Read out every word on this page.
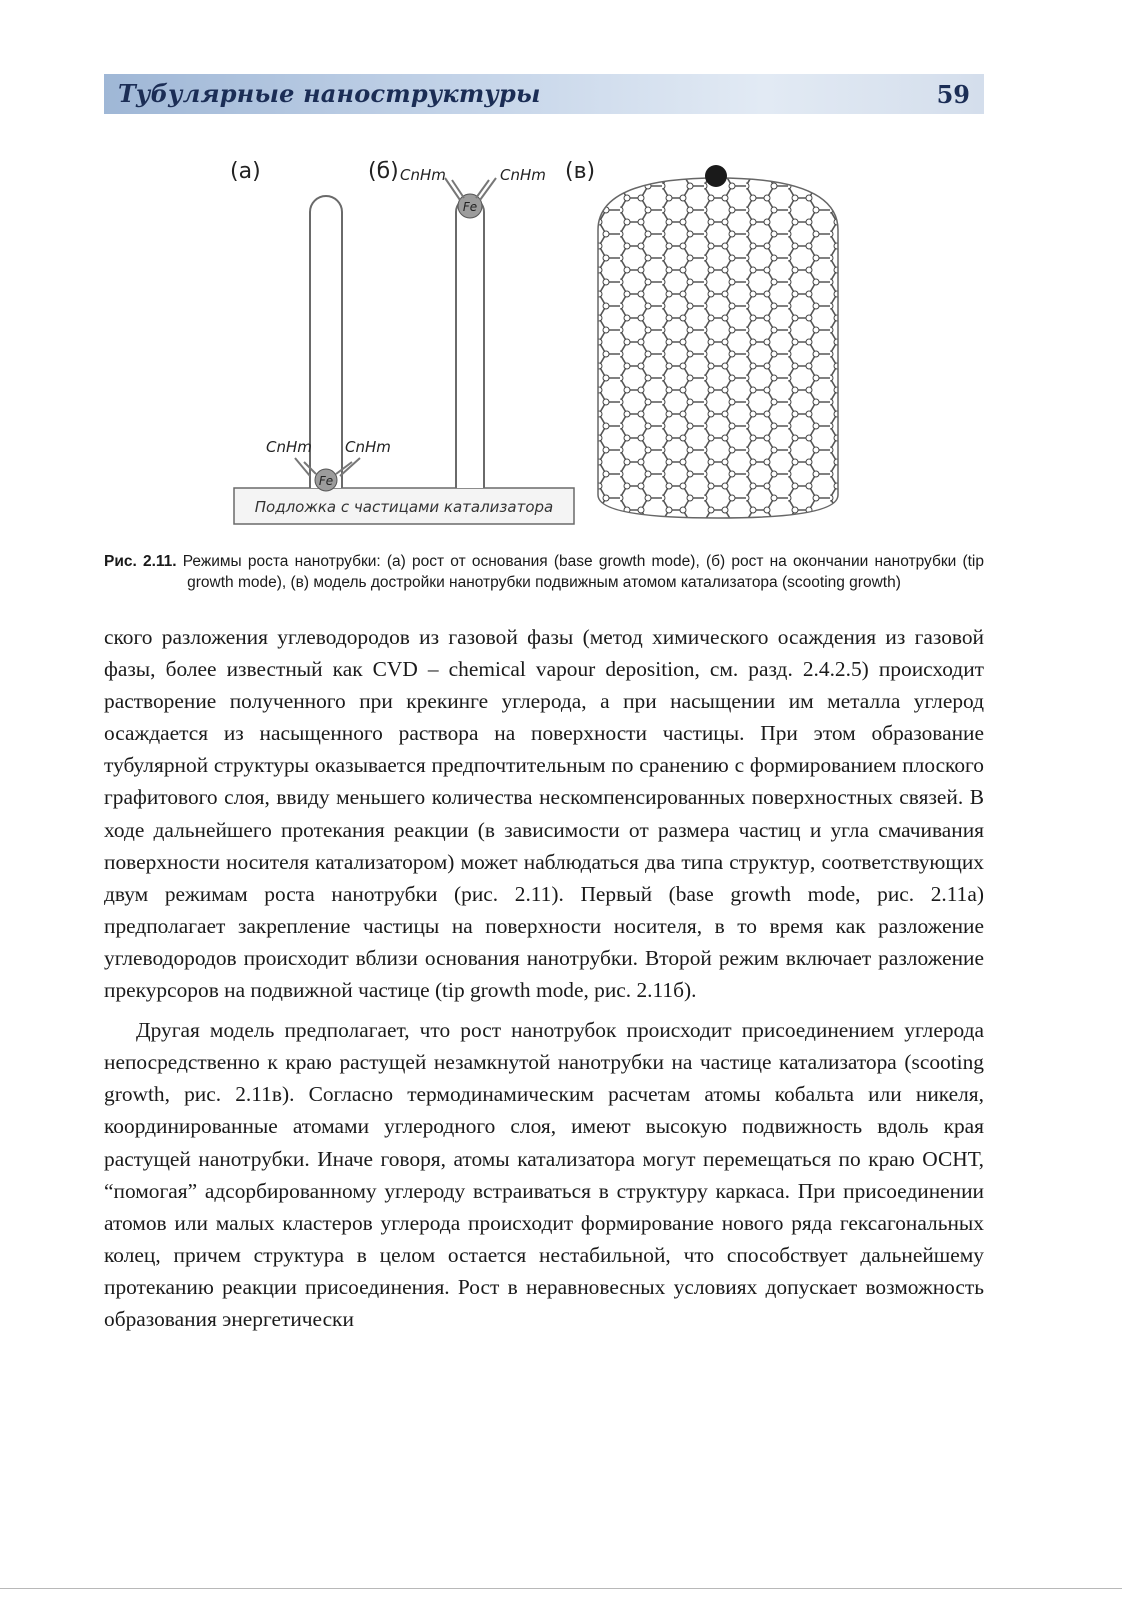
Тубулярные наноструктуры	59
(а)	(б)	(в)
Подложка с частицами катализатора
Fe
CnHm CnHm
Fe
CnHm	CnHm
Рис. 2.11. Режимы роста нанотрубки: (а) рост от основания (base growth mode), (б) рост на окончании нанотрубки (tip growth mode), (в) модель достройки нанотрубки подвижным атомом катализатора (scooting growth)

ского разложения углеводородов из газовой фазы (метод химического осаждения из газовой фазы, более известный как CVD – chemical vapour deposition, см. разд. 2.4.2.5) происходит растворение полученного при крекинге углерода, а при насыщении им металла углерод осаждается из насыщенного раствора на поверхности частицы. При этом образование тубулярной структуры оказывается предпочтительным по сранению с формированием плоского графитового слоя, ввиду меньшего количества нескомпенсированных поверхностных связей. В ходе дальнейшего протекания реакции (в зависимости от размера частиц и угла смачивания поверхности носителя катализатором) может наблюдаться два типа структур, соответствующих двум режимам роста нанотрубки (рис. 2.11). Первый (base growth mode, рис. 2.11а) предполагает закрепление частицы на поверхности носителя, в то время как разложение углеводородов происходит вблизи основания нанотрубки. Второй режим включает разложение прекурсоров на подвижной частице (tip growth mode, рис. 2.11б).

Другая модель предполагает, что рост нанотрубок происходит присоединением углерода непосредственно к краю растущей незамкнутой нанотрубки на частице катализатора (scooting growth, рис. 2.11в). Согласно термодинамическим расчетам атомы кобальта или никеля, координированные атомами углеродного слоя, имеют высокую подвижность вдоль края растущей нанотрубки. Иначе говоря, атомы катализатора могут перемещаться по краю ОСНТ, “помогая” адсорбированному углероду встраиваться в структуру каркаса. При присоединении атомов или малых кластеров углерода происходит формирование нового ряда гексагональных колец, причем структура в целом остается нестабильной, что способствует дальнейшему протеканию реакции присоединения. Рост в неравновесных условиях допускает возможность образования энергетически
